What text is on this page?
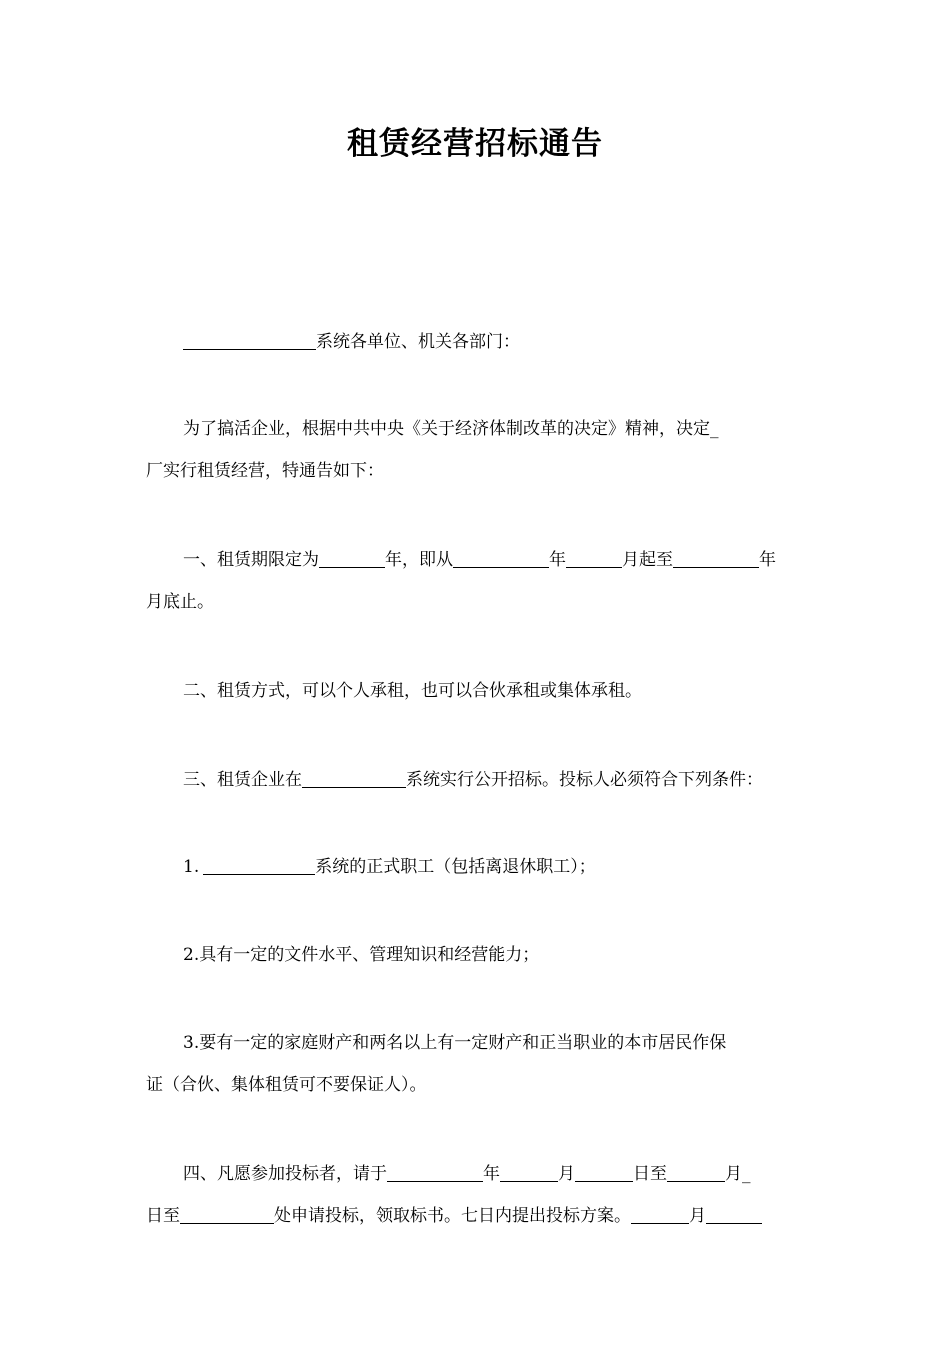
租赁经营招标通告
系统各单位、机关各部门：
为了搞活企业，根据中共中央《关于经济体制改革的决定》精神，决定_
厂实行租赁经营，特通告如下：
一、租赁期限定为	年，即从	年	月起至	年
月底止。
二、租赁方式，可以个人承租，也可以合伙承租或集体承租。
三、租赁企业在	系统实行公开招标。投标人必须符合下列条件：
1.	系统的正式职工（包括离退休职工）；
2.具有一定的文件水平、管理知识和经营能力；
3.要有一定的家庭财产和两名以上有一定财产和正当职业的本市居民作保
证（合伙、集体租赁可不要保证人）。
四、凡愿参加投标者，请于	年	月	日至	月_
日至	处申请投标，领取标书。七日内提出投标方案。	月
